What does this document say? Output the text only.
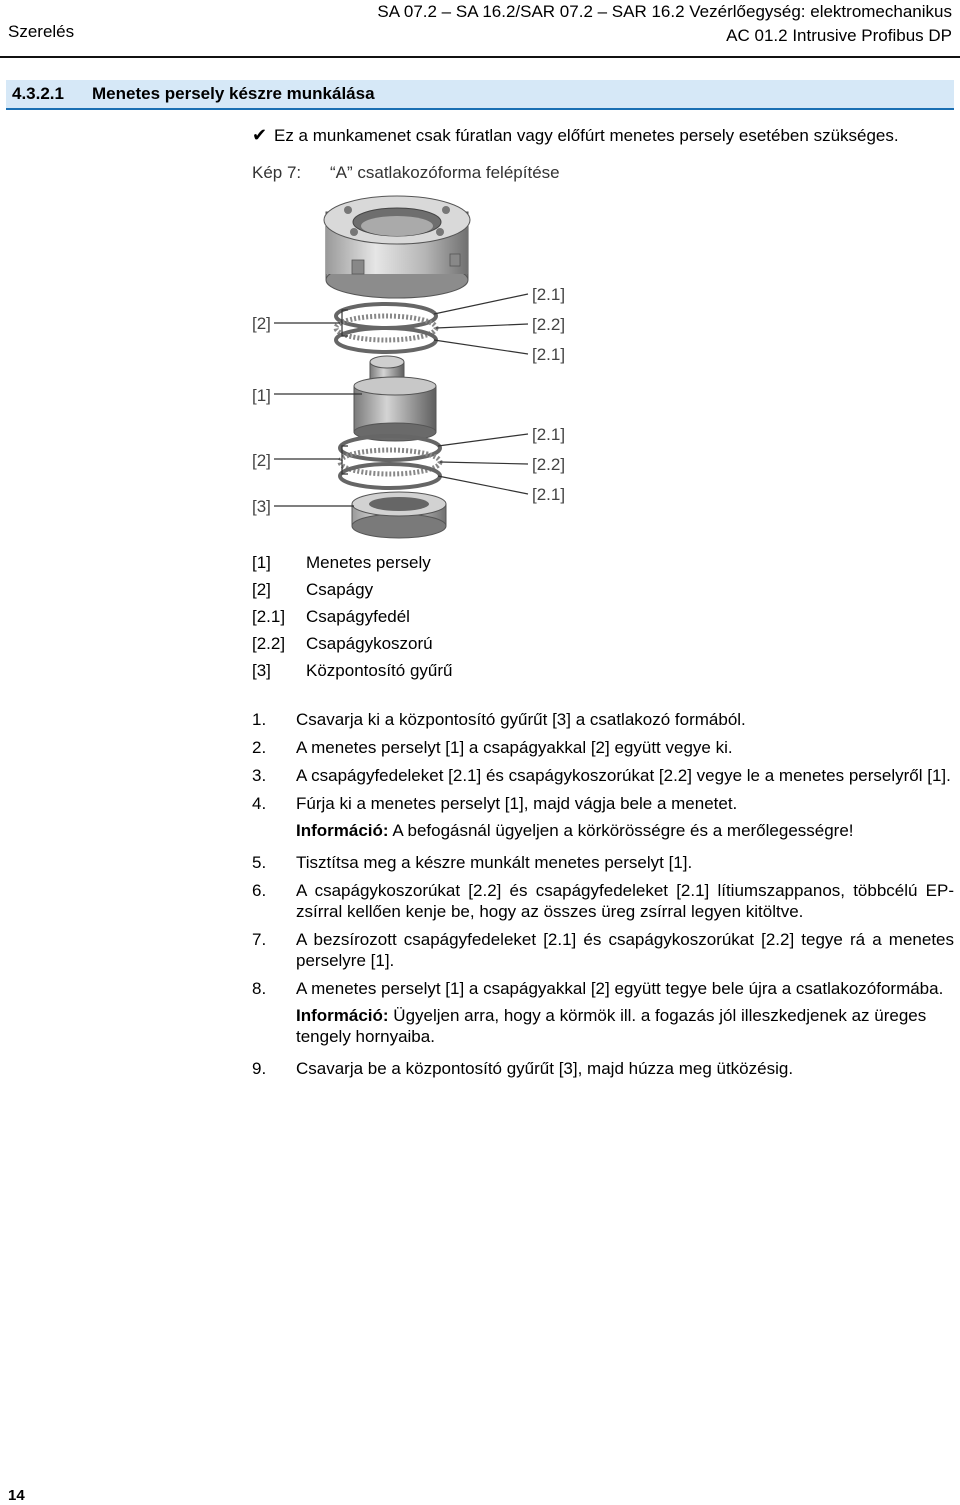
Szerelés
SA 07.2 – SA 16.2/SAR 07.2 – SAR 16.2 Vezérlőegység: elektromechanikus
AC 01.2 Intrusive Profibus DP
4.3.2.1 Menetes persely készre munkálása
✔ Ez a munkamenet csak fúratlan vagy előfúrt menetes persely esetében szükséges.
Kép 7: “A” csatlakozóforma felépítése
[2]
[1]
[2]
[3]
[2.1]
[2.2]
[2.1]
[2.1]
[2.2]
[2.1]
[1] Menetes persely
[2] Csapágy
[2.1] Csapágyfedél
[2.2] Csapágykoszorú
[3] Központosító gyűrű
1. Csavarja ki a központosító gyűrűt [3] a csatlakozó formából.
2. A menetes perselyt [1] a csapágyakkal [2] együtt vegye ki.
3. A csapágyfedeleket [2.1] és csapágykoszorúkat [2.2] vegye le a menetes perselyről [1].
4. Fúrja ki a menetes perselyt [1], majd vágja bele a menetet.
Információ: A befogásnál ügyeljen a körkörösségre és a merőlegességre!
5. Tisztítsa meg a készre munkált menetes perselyt [1].
6. A csapágykoszorúkat [2.2] és csapágyfedeleket [2.1] lítiumszappanos, többcélú EP-zsírral kellően kenje be, hogy az összes üreg zsírral legyen kitöltve.
7. A bezsírozott csapágyfedeleket [2.1] és csapágykoszorúkat [2.2] tegye rá a menetes perselyre [1].
8. A menetes perselyt [1] a csapágyakkal [2] együtt tegye bele újra a csatlakozóformába.
Információ: Ügyeljen arra, hogy a körmök ill. a fogazás jól illeszkedjenek az üreges tengely hornyaiba.
9. Csavarja be a központosító gyűrűt [3], majd húzza meg ütközésig.
14
